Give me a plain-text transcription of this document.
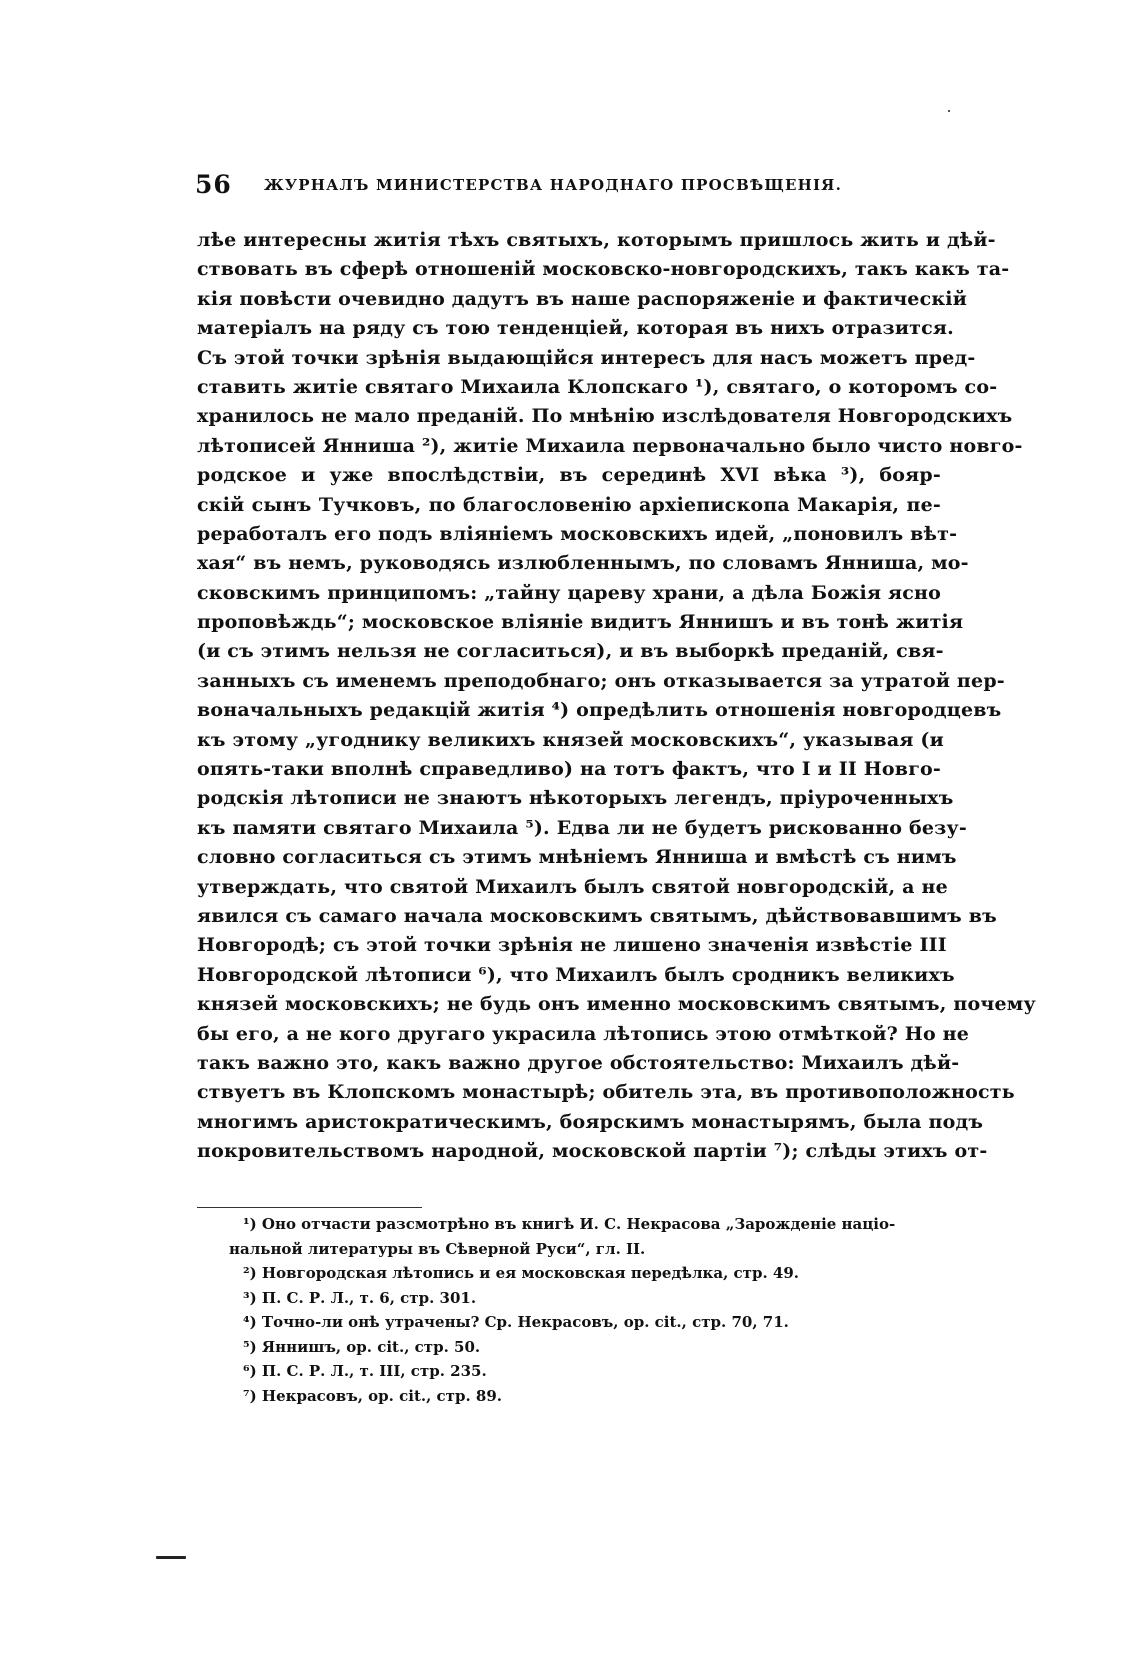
56 ЖУРНАЛЪ МИНИСТЕРСТВА НАРОДНАГО ПРОСВѢЩЕНІЯ.
лѣе интересны житія тѣхъ святыхъ, которымъ пришлось жить и дѣй-
ствовать въ сферѣ отношеній московско-новгородскихъ, такъ какъ та-
кія повѣсти очевидно дадутъ въ наше распоряженіе и фактическій
матеріалъ на ряду съ тою тенденціей, которая въ нихъ отразится.
Съ этой точки зрѣнія выдающійся интересъ для насъ можетъ пред-
ставить житіе святаго Михаила Клопскаго ¹), святаго, о которомъ со-
хранилось не мало преданій. По мнѣнію изслѣдователя Новгородскихъ
лѣтописей Янниша ²), житіе Михаила первоначально было чисто новго-
родское и уже впослѣдствіи, въ серединѣ XVI вѣка ³), бояр-
скій сынъ Тучковъ, по благословенію архіепископа Макарія, пе-
реработалъ его подъ вліяніемъ московскихъ идей, „поновилъ вѣт-
хая“ въ немъ, руководясь излюбленнымъ, по словамъ Янниша, мо-
сковскимъ принципомъ: „тайну цареву храни, а дѣла Божія ясно
проповѣждь“; московское вліяніе видитъ Яннишъ и въ тонѣ житія
(и съ этимъ нельзя не согласиться), и въ выборкѣ преданій, свя-
занныхъ съ именемъ преподобнаго; онъ отказывается за утратой пер-
воначальныхъ редакцій житія ⁴) опредѣлить отношенія новгородцевъ
къ этому „угоднику великихъ князей московскихъ“, указывая (и
опять-таки вполнѣ справедливо) на тотъ фактъ, что I и II Новго-
родскія лѣтописи не знаютъ нѣкоторыхъ легендъ, пріуроченныхъ
къ памяти святаго Михаила ⁵). Едва ли не будетъ рискованно безу-
словно согласиться съ этимъ мнѣніемъ Янниша и вмѣстѣ съ нимъ
утверждать, что святой Михаилъ былъ святой новгородскій, а не
явился съ самаго начала московскимъ святымъ, дѣйствовавшимъ въ
Новгородѣ; съ этой точки зрѣнія не лишено значенія извѣстіе III
Новгородской лѣтописи ⁶), что Михаилъ былъ сродникъ великихъ
князей московскихъ; не будь онъ именно московскимъ святымъ, почему
бы его, а не кого другаго украсила лѣтопись этою отмѣткой? Но не
такъ важно это, какъ важно другое обстоятельство: Михаилъ дѣй-
ствуетъ въ Клопскомъ монастырѣ; обитель эта, въ противоположность
многимъ аристократическимъ, боярскимъ монастырямъ, была подъ
покровительствомъ народной, московской партіи ⁷); слѣды этихъ от-
¹) Оно отчасти разсмотрѣно въ книгѣ И. С. Некрасова „Зарожденіе націо-
нальной литературы въ Сѣверной Руси“, гл. II.
²) Новгородская лѣтопись и ея московская передѣлка, стр. 49.
³) П. С. Р. Л., т. 6, стр. 301.
⁴) Точно-ли онѣ утрачены? Ср. Некрасовъ, op. cit., стр. 70, 71.
⁵) Яннишъ, op. cit., стр. 50.
⁶) П. С. Р. Л., т. III, стр. 235.
⁷) Некрасовъ, op. cit., стр. 89.
